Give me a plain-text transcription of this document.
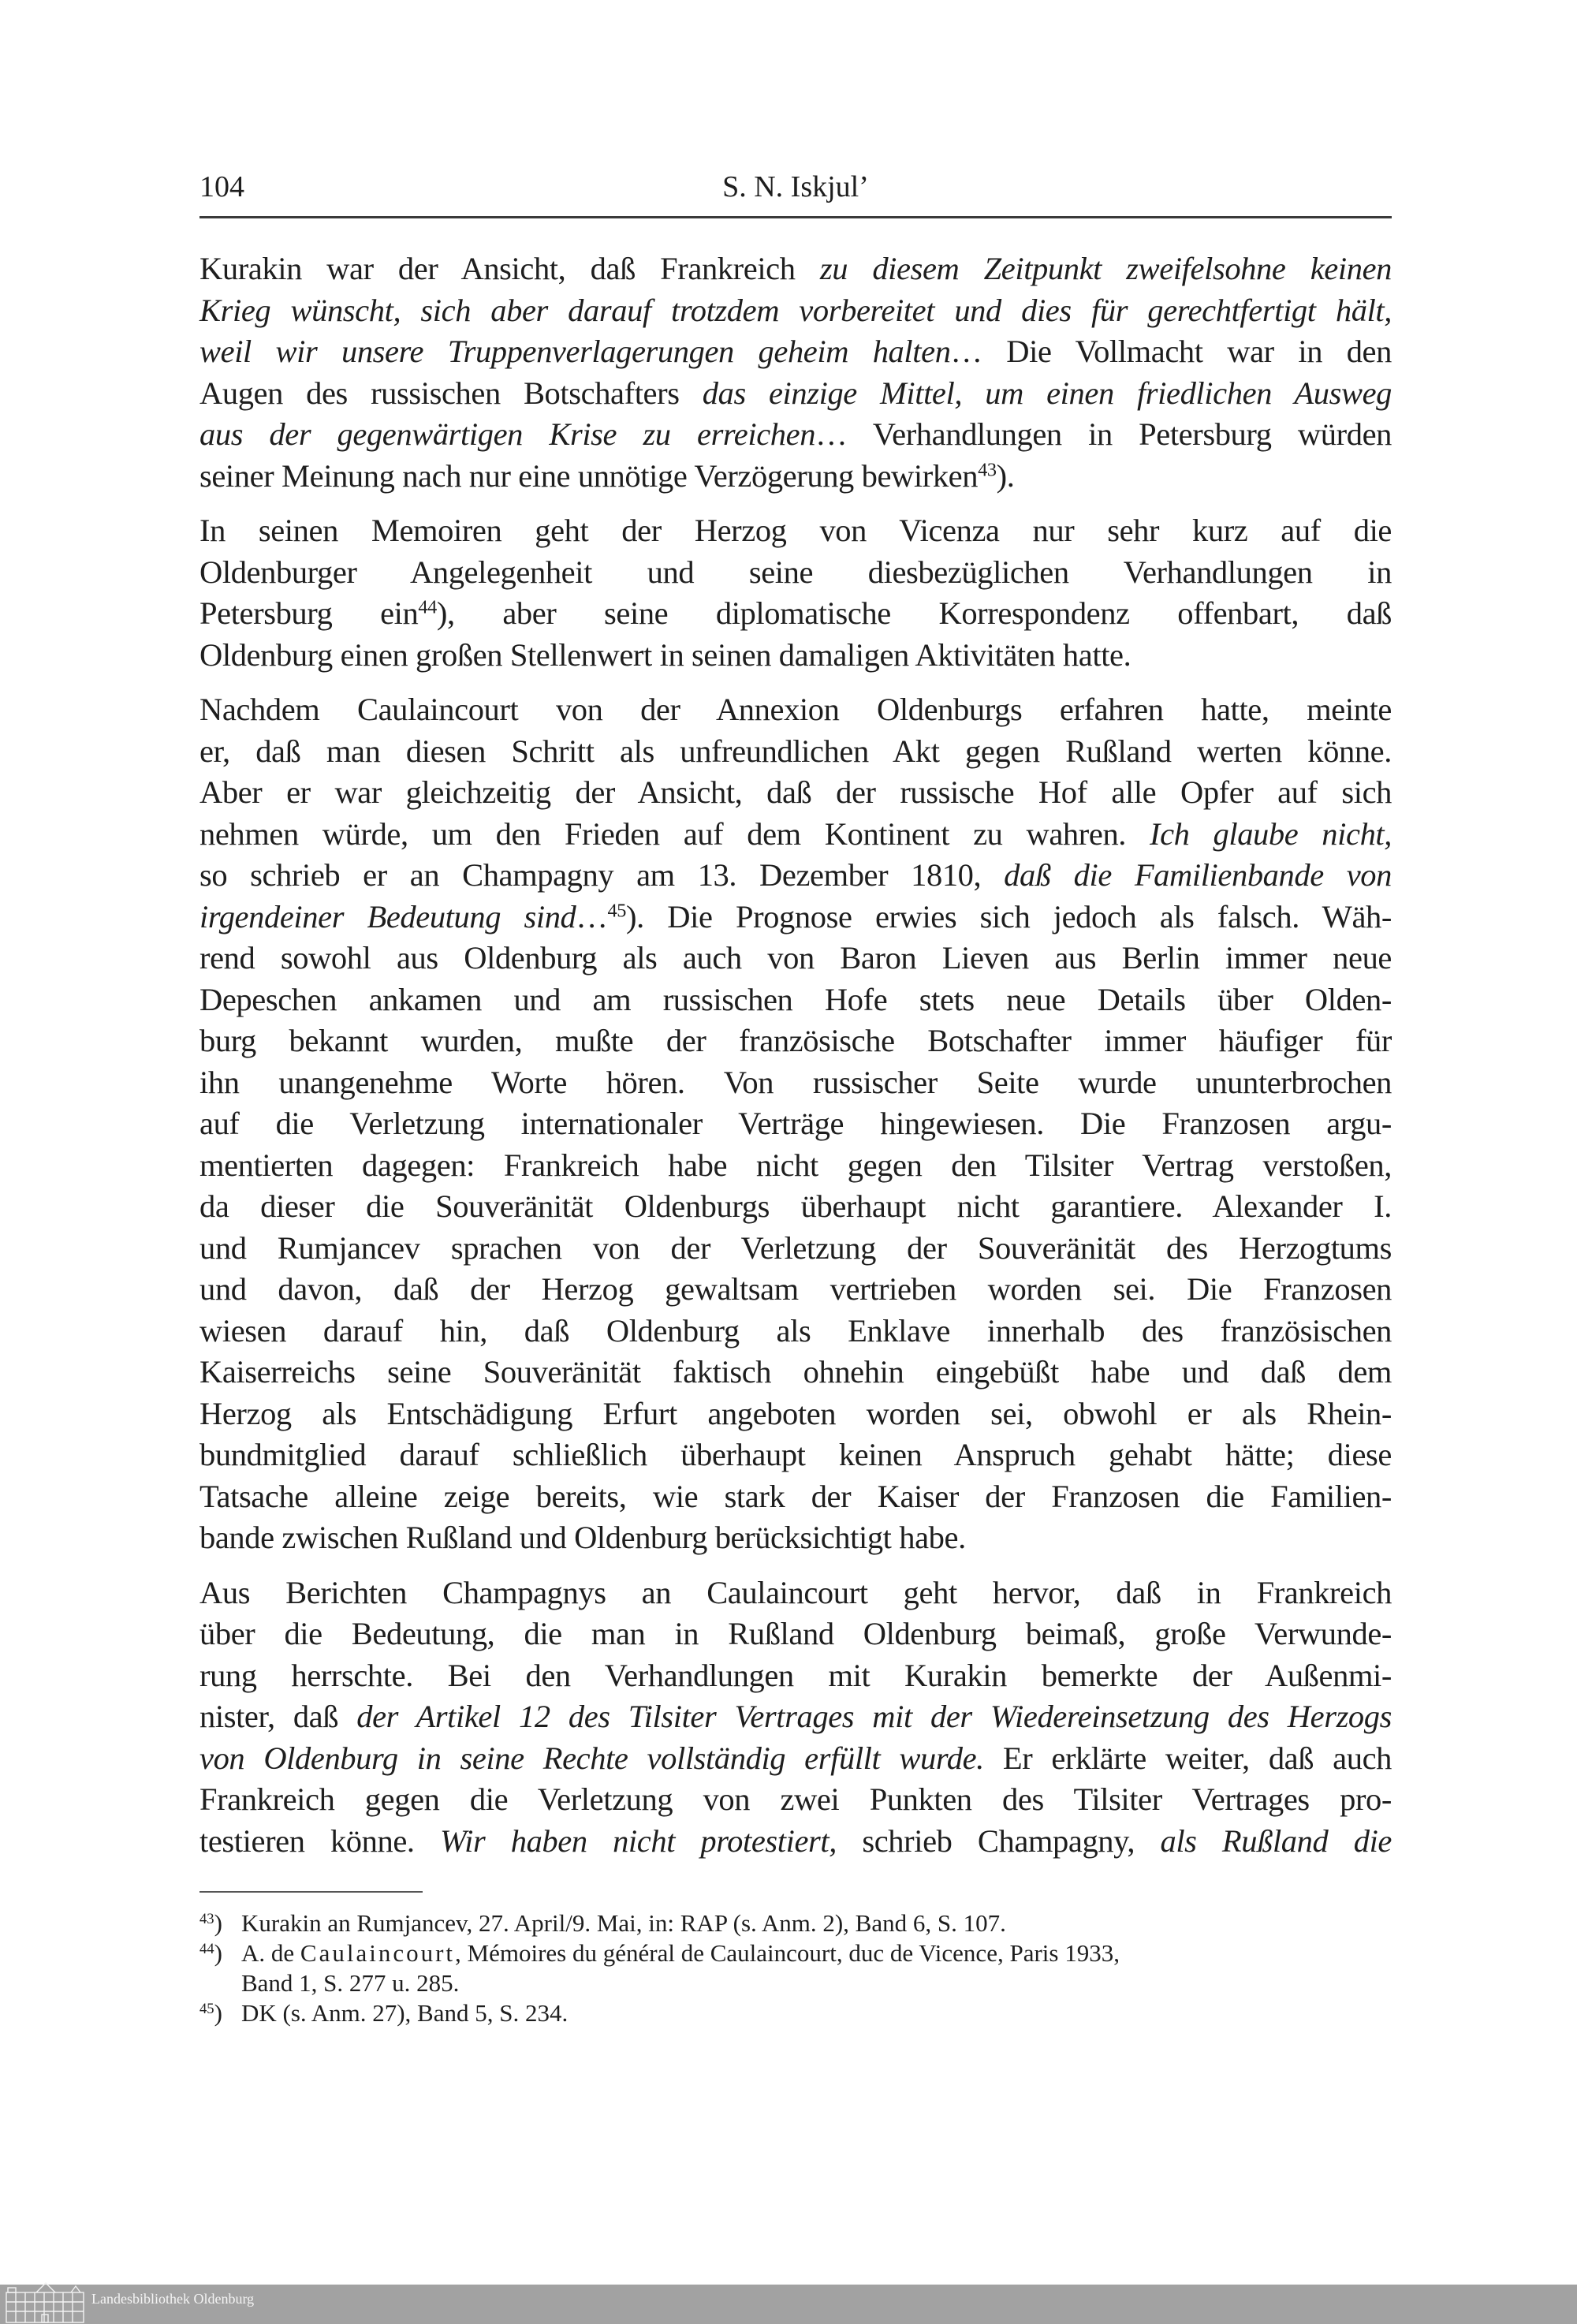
104	S. N. Iskjul’

Kurakin war der Ansicht, daß Frankreich zu diesem Zeitpunkt zweifelsohne keinen
Krieg wünscht, sich aber darauf trotzdem vorbereitet und dies für gerechtfertigt hält,
weil wir unsere Truppenverlagerungen geheim halten… Die Vollmacht war in den
Augen des russischen Botschafters das einzige Mittel, um einen friedlichen Ausweg
aus der gegenwärtigen Krise zu erreichen… Verhandlungen in Petersburg würden
seiner Meinung nach nur eine unnötige Verzögerung bewirken$^{43}$).

In seinen Memoiren geht der Herzog von Vicenza nur sehr kurz auf die
Oldenburger Angelegenheit und seine diesbezüglichen Verhandlungen in
Petersburg ein$^{44}$), aber seine diplomatische Korrespondenz offenbart, daß
Oldenburg einen großen Stellenwert in seinen damaligen Aktivitäten hatte.

Nachdem Caulaincourt von der Annexion Oldenburgs erfahren hatte, meinte
er, daß man diesen Schritt als unfreundlichen Akt gegen Rußland werten könne.
Aber er war gleichzeitig der Ansicht, daß der russische Hof alle Opfer auf sich
nehmen würde, um den Frieden auf dem Kontinent zu wahren. Ich glaube nicht,
so schrieb er an Champagny am 13. Dezember 1810, daß die Familienbande von
irgendeiner Bedeutung sind…$^{45}$). Die Prognose erwies sich jedoch als falsch. Wäh-
rend sowohl aus Oldenburg als auch von Baron Lieven aus Berlin immer neue
Depeschen ankamen und am russischen Hofe stets neue Details über Olden-
burg bekannt wurden, mußte der französische Botschafter immer häufiger für
ihn unangenehme Worte hören. Von russischer Seite wurde ununterbrochen
auf die Verletzung internationaler Verträge hingewiesen. Die Franzosen argu-
mentierten dagegen: Frankreich habe nicht gegen den Tilsiter Vertrag verstoßen,
da dieser die Souveränität Oldenburgs überhaupt nicht garantiere. Alexander I.
und Rumjancev sprachen von der Verletzung der Souveränität des Herzogtums
und davon, daß der Herzog gewaltsam vertrieben worden sei. Die Franzosen
wiesen darauf hin, daß Oldenburg als Enklave innerhalb des französischen
Kaiserreichs seine Souveränität faktisch ohnehin eingebüßt habe und daß dem
Herzog als Entschädigung Erfurt angeboten worden sei, obwohl er als Rhein-
bundmitglied darauf schließlich überhaupt keinen Anspruch gehabt hätte; diese
Tatsache alleine zeige bereits, wie stark der Kaiser der Franzosen die Familien-
bande zwischen Rußland und Oldenburg berücksichtigt habe.

Aus Berichten Champagnys an Caulaincourt geht hervor, daß in Frankreich
über die Bedeutung, die man in Rußland Oldenburg beimaß, große Verwunde-
rung herrschte. Bei den Verhandlungen mit Kurakin bemerkte der Außenmi-
nister, daß der Artikel 12 des Tilsiter Vertrages mit der Wiedereinsetzung des Herzogs
von Oldenburg in seine Rechte vollständig erfüllt wurde. Er erklärte weiter, daß auch
Frankreich gegen die Verletzung von zwei Punkten des Tilsiter Vertrages pro-
testieren könne. Wir haben nicht protestiert, schrieb Champagny, als Rußland die

$^{43}$) Kurakin an Rumjancev, 27. April/9. Mai, in: RAP (s. Anm. 2), Band 6, S. 107.
$^{44}$) A. de Caulaincourt, Mémoires du général de Caulaincourt, duc de Vicence, Paris 1933,
Band 1, S. 277 u. 285.
$^{45}$) DK (s. Anm. 27), Band 5, S. 234.
Landesbibliothek Oldenburg
